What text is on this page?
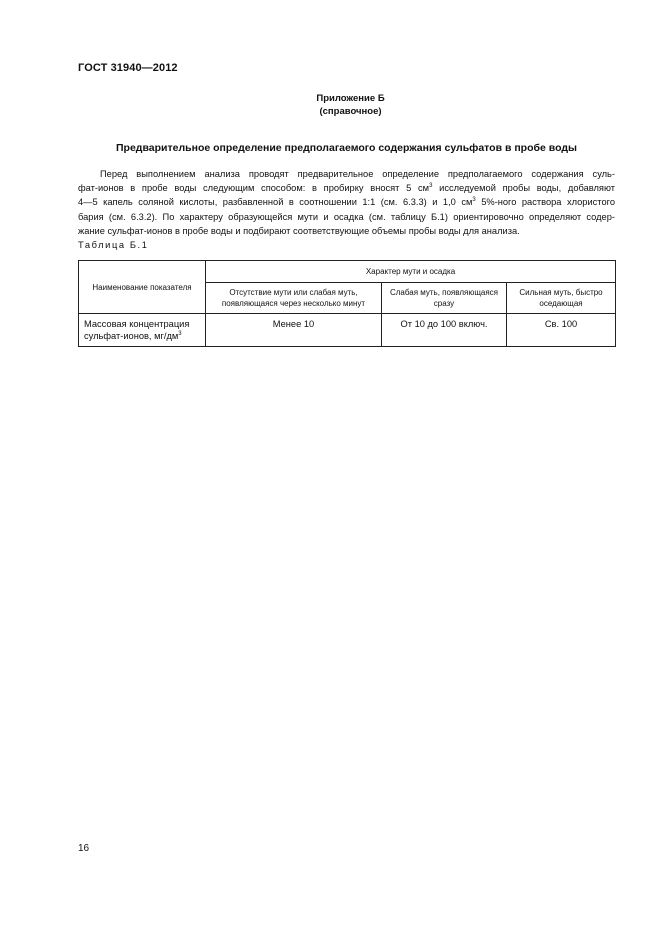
ГОСТ 31940—2012
Приложение Б
(справочное)
Предварительное определение предполагаемого содержания сульфатов в пробе воды
Перед выполнением анализа проводят предварительное определение предполагаемого содержания суль-
фат-ионов в пробе воды следующим способом: в пробирку вносят 5 $см^3$ исследуемой пробы воды, добавляют
4—5 капель соляной кислоты, разбавленной в соотношении 1:1 (см. 6.3.3) и 1,0 $см^3$ 5%-ного раствора хлористого
бария (см. 6.3.2). По характеру образующейся мути и осадка (см. таблицу Б.1) ориентировочно определяют содер-
жание сульфат-ионов в пробе воды и подбирают соответствующие объемы пробы воды для анализа.
Таблица Б.1
Наименование показателя	Характер мути и осадка		
	Отсутствие мути или слабая муть, появляющаяся через несколько минут	Слабая муть, появляющаяся сразу	Сильная муть, быстро оседающая
Массовая концентрация сульфат-ионов, $мг/дм^3$	Менее 10	От 10 до 100 включ.	Св. 100
16
